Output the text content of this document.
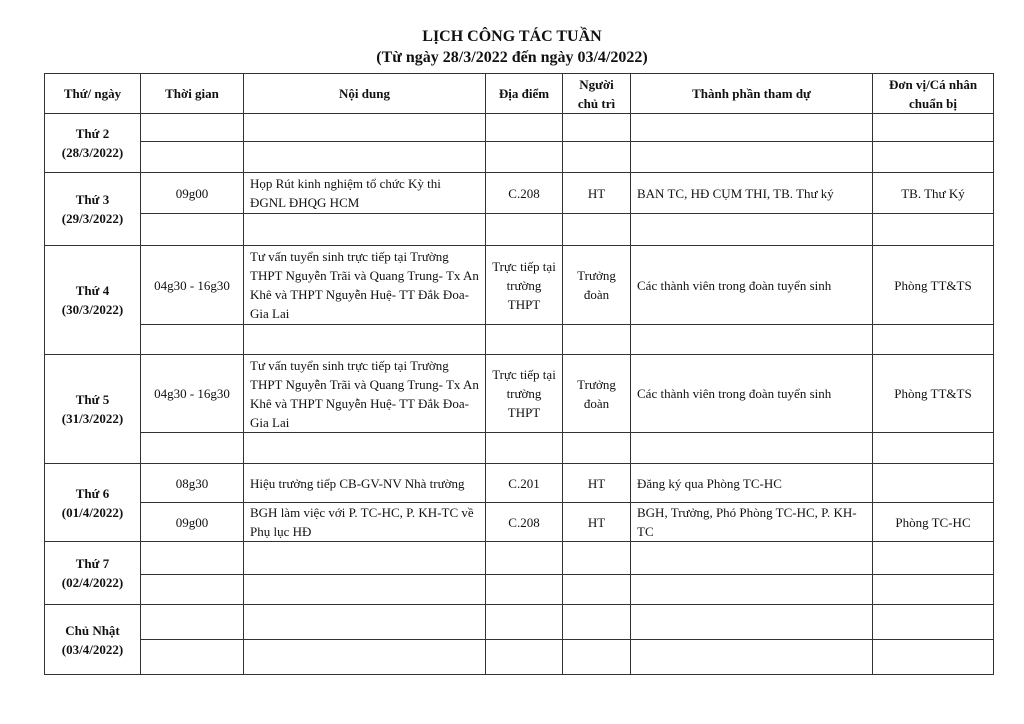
LỊCH CÔNG TÁC TUẦN
(Từ ngày 28/3/2022 đến ngày 03/4/2022)
Thứ/ ngày	Thời gian	Nội dung	Địa điểm	Người chủ trì	Thành phần tham dự	Đơn vị/Cá nhân chuẩn bị

Thứ 2
(28/3/2022)						

Thứ 3
(29/3/2022)	09g00	Họp Rút kinh nghiệm tổ chức Kỳ thi ĐGNL ĐHQG HCM	C.208	HT	BAN TC, HĐ CỤM THI, TB. Thư ký	TB. Thư Ký

Thứ 4
(30/3/2022)	04g30 - 16g30	Tư vấn tuyển sinh trực tiếp tại Trường THPT Nguyễn Trãi và Quang Trung- Tx An Khê và THPT Nguyễn Huệ- TT Đắk Đoa-Gia Lai	Trực tiếp tại trường THPT	Trưởng đoàn	Các thành viên trong đoàn tuyển sinh	Phòng TT&TS

Thứ 5
(31/3/2022)	04g30 - 16g30	Tư vấn tuyển sinh trực tiếp tại Trường THPT Nguyễn Trãi và Quang Trung- Tx An Khê và THPT Nguyễn Huệ- TT Đắk Đoa-Gia Lai	Trực tiếp tại trường THPT	Trưởng đoàn	Các thành viên trong đoàn tuyển sinh	Phòng TT&TS

Thứ 6
(01/4/2022)	08g30	Hiệu trưởng tiếp CB-GV-NV Nhà trường	C.201	HT	Đăng ký qua Phòng TC-HC	
	09g00	BGH làm việc với P. TC-HC, P. KH-TC về Phụ lục HĐ	C.208	HT	BGH, Trưởng, Phó Phòng TC-HC, P. KH-TC	Phòng TC-HC

Thứ 7
(02/4/2022)						

Chủ Nhật
(03/4/2022)						
